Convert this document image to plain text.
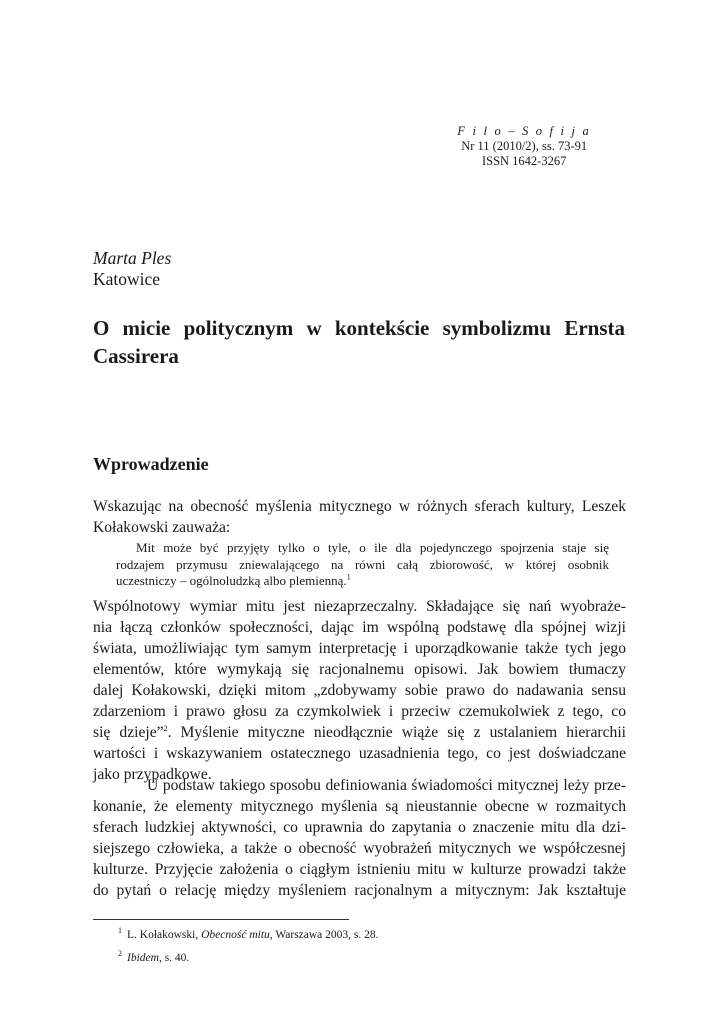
F i l o – S o f i j a
Nr 11 (2010/2), ss. 73-91
ISSN 1642-3267
Marta Ples
Katowice
O micie politycznym w kontekście symbolizmu Ernsta
Cassirera
Wprowadzenie
Wskazując na obecność myślenia mitycznego w różnych sferach kultury, Leszek
Kołakowski zauważa:
Mit może być przyjęty tylko o tyle, o ile dla pojedynczego spojrzenia staje się
rodzajem przymusu zniewalającego na równi całą zbiorowość, w której osobnik
uczestniczy – ogólnoludzką albo plemienną.$^1$
Wspólnotowy wymiar mitu jest niezaprzeczalny. Składające się nań wyobraże-
nia łączą członków społeczności, dając im wspólną podstawę dla spójnej wizji
świata, umożliwiając tym samym interpretację i uporządkowanie także tych jego
elementów, które wymykają się racjonalnemu opisowi. Jak bowiem tłumaczy
dalej Kołakowski, dzięki mitom „zdobywamy sobie prawo do nadawania sensu
zdarzeniom i prawo głosu za czymkolwiek i przeciw czemukolwiek z tego, co
się dzieje”$^2$. Myślenie mityczne nieodłącznie wiąże się z ustalaniem hierarchii
wartości i wskazywaniem ostatecznego uzasadnienia tego, co jest doświadczane
jako przypadkowe.
U podstaw takiego sposobu definiowania świadomości mitycznej leży prze-
konanie, że elementy mitycznego myślenia są nieustannie obecne w rozmaitych
sferach ludzkiej aktywności, co uprawnia do zapytania o znaczenie mitu dla dzi-
siejszego człowieka, a także o obecność wyobrażeń mitycznych we współczesnej
kulturze. Przyjęcie założenia o ciągłym istnieniu mitu w kulturze prowadzi także
do pytań o relację między myśleniem racjonalnym a mitycznym: Jak kształtuje
$^1$ L. Kołakowski, Obecność mitu, Warszawa 2003, s. 28.
$^2$ Ibidem, s. 40.
